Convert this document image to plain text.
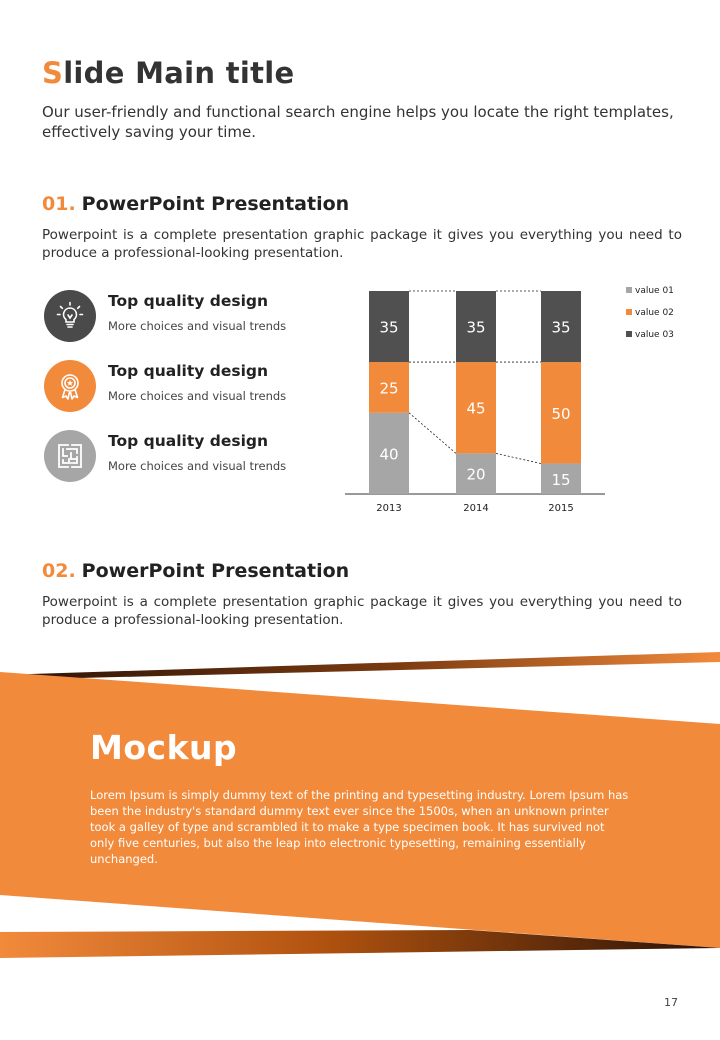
Slide Main title
Our user-friendly and functional search engine helps you locate the right templates, effectively saving your time.
01. PowerPoint Presentation
Powerpoint is a complete presentation graphic package it gives you everything you need to produce a professional-looking presentation.
Top quality design
More choices and visual trends
Top quality design
More choices and visual trends
Top quality design
More choices and visual trends
40
25
35
2013
20
45
35
2014
15
50
35
2015
value 01
value 02
value 03
02. PowerPoint Presentation
Powerpoint is a complete presentation graphic package it gives you everything you need to produce a professional-looking presentation.
Mockup
Lorem Ipsum is simply dummy text of the printing and typesetting industry. Lorem Ipsum has been the industry's standard dummy text ever since the 1500s, when an unknown printer took a galley of type and scrambled it to make a type specimen book. It has survived not only five centuries, but also the leap into electronic typesetting, remaining essentially unchanged.
17
